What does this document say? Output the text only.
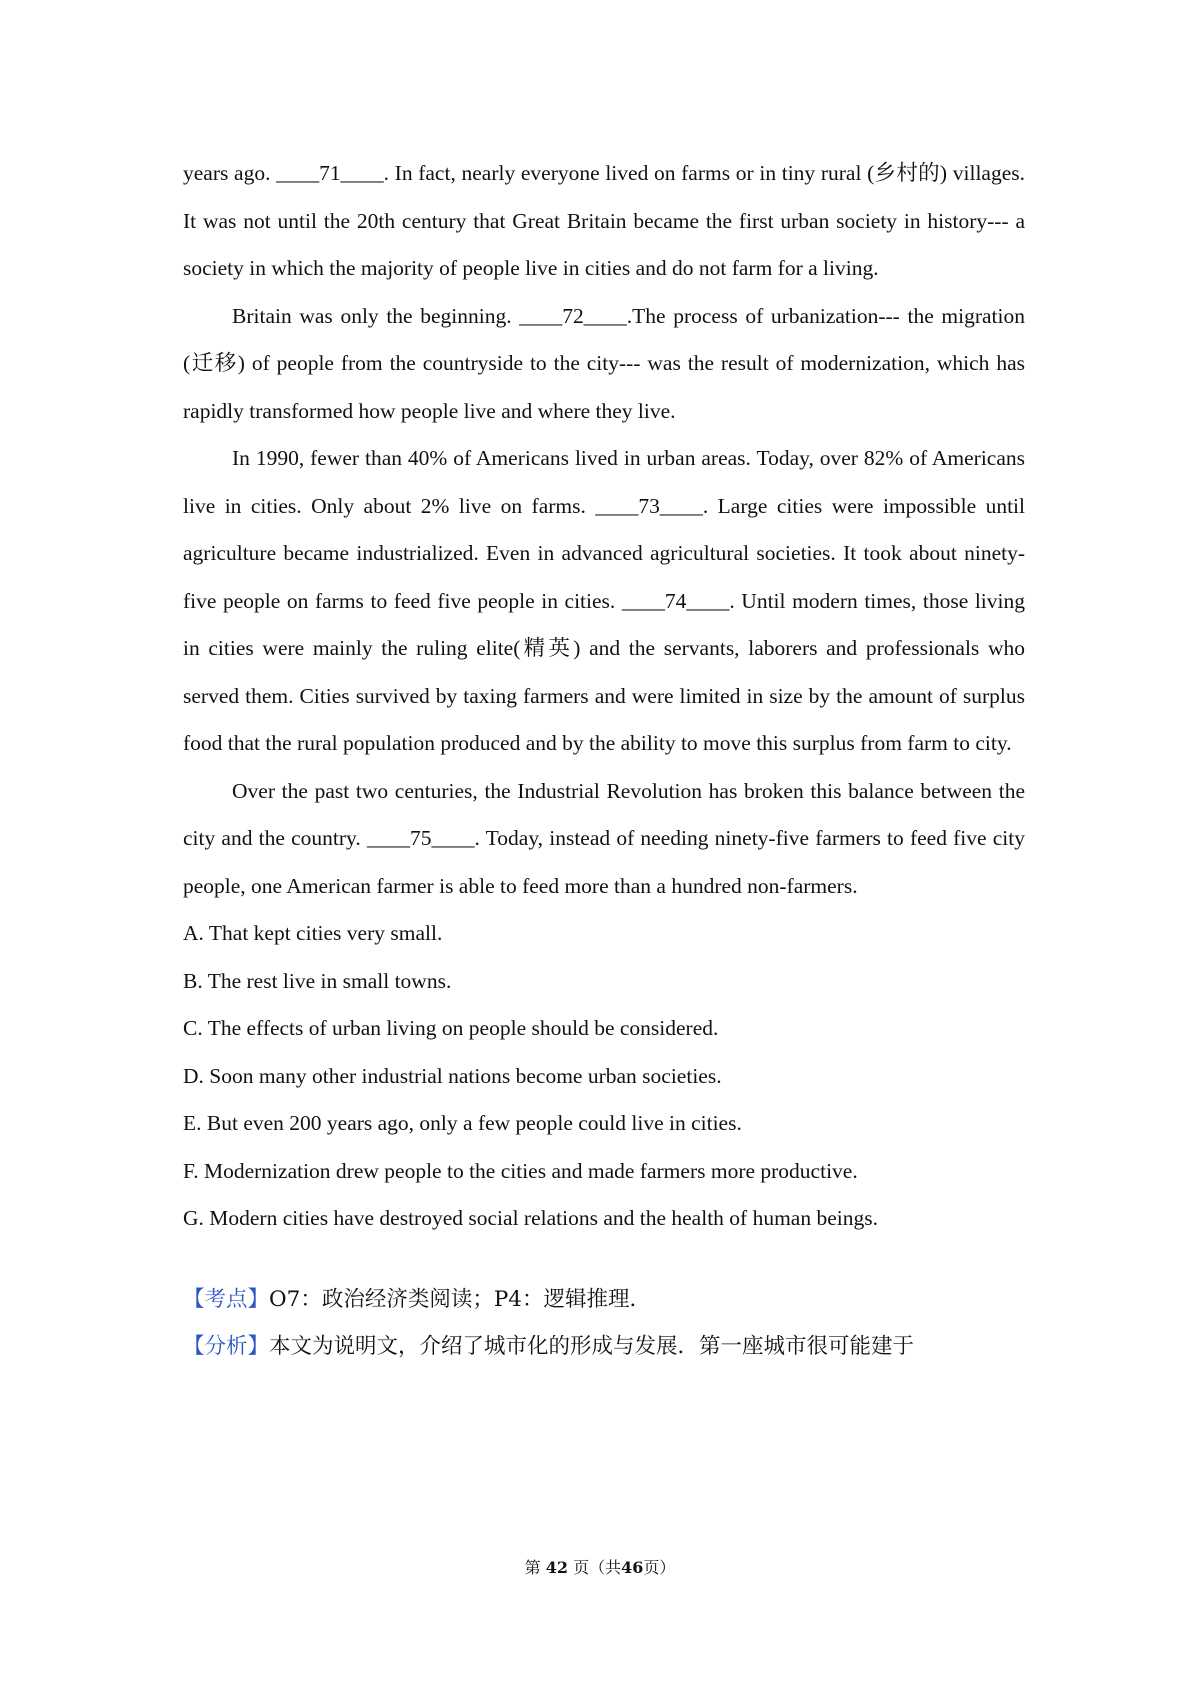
years ago. ____71____. In fact, nearly everyone lived on farms or in tiny rural (乡村的) villages. It was not until the 20th century that Great Britain became the first urban society in history--- a society in which the majority of people live in cities and do not farm for a living.

Britain was only the beginning. ____72____.The process of urbanization--- the migration (迁移) of people from the countryside to the city--- was the result of modernization, which has rapidly transformed how people live and where they live.

In 1990, fewer than 40% of Americans lived in urban areas. Today, over 82% of Americans live in cities. Only about 2% live on farms. ____73____. Large cities were impossible until agriculture became industrialized. Even in advanced agricultural societies. It took about ninety-five people on farms to feed five people in cities. ____74____. Until modern times, those living in cities were mainly the ruling elite(精英) and the servants, laborers and professionals who served them. Cities survived by taxing farmers and were limited in size by the amount of surplus food that the rural population produced and by the ability to move this surplus from farm to city.

Over the past two centuries, the Industrial Revolution has broken this balance between the city and the country. ____75____. Today, instead of needing ninety-five farmers to feed five city people, one American farmer is able to feed more than a hundred non-farmers.

A. That kept cities very small.

B. The rest live in small towns.

C. The effects of urban living on people should be considered.

D. Soon many other industrial nations become urban societies.

E. But even 200 years ago, only a few people could live in cities.

F. Modernization drew people to the cities and made farmers more productive.

G. Modern cities have destroyed social relations and the health of human beings.

【考点】O7：政治经济类阅读；P4：逻辑推理．

【分析】本文为说明文，介绍了城市化的形成与发展．第一座城市很可能建于

第 42 页（共46页）
